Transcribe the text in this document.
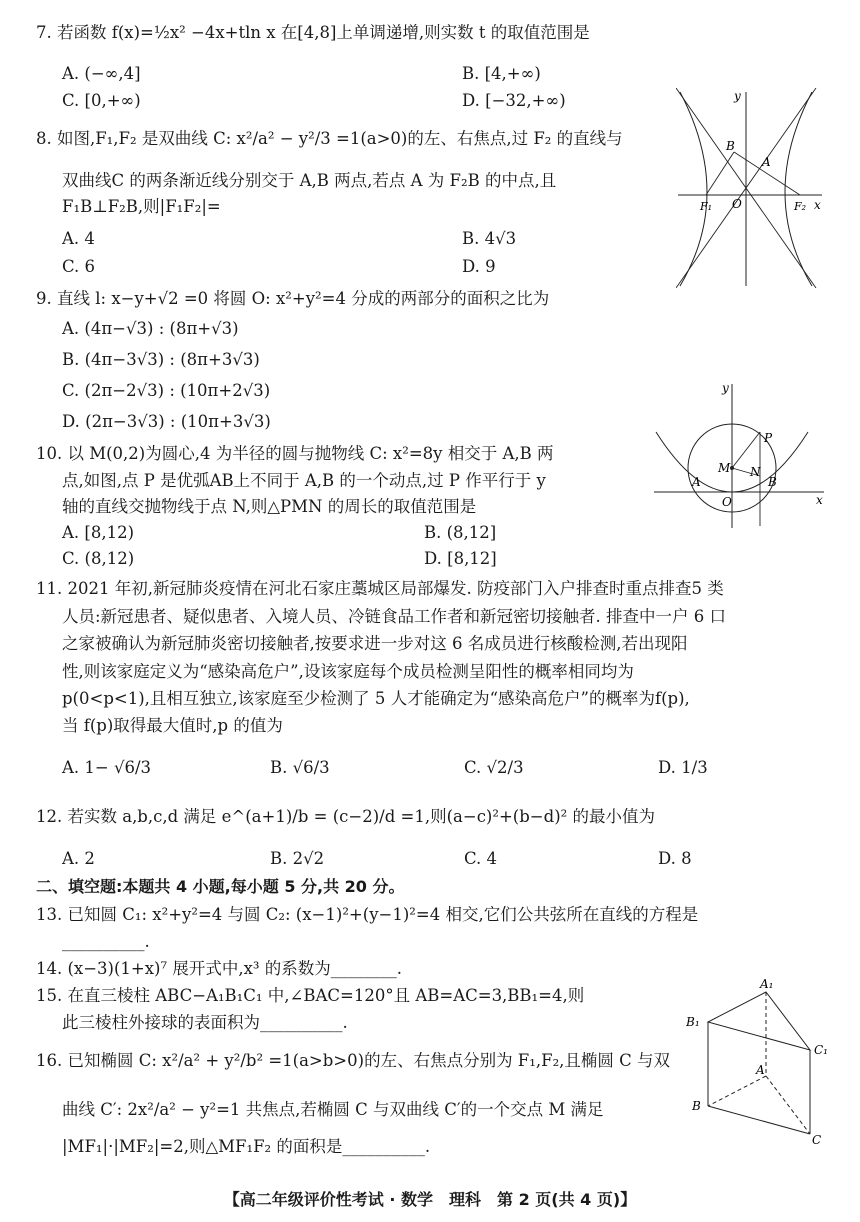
7. 若函数 f(x)=½x² −4x+tln x 在[4,8]上单调递增,则实数 t 的取值范围是
A. (−∞,4]	B. [4,+∞)
C. [0,+∞)	D. [−32,+∞)
8. 如图,F₁,F₂ 是双曲线 C: x²/a² − y²/3 =1(a>0)的左、右焦点,过 F₂ 的直线与
双曲线C 的两条渐近线分别交于 A,B 两点,若点 A 为 F₂B 的中点,且
F₁B⊥F₂B,则|F₁F₂|=
A. 4	B. 4√3
C. 6	D. 9
y
x
B
A
O
F₁	F₂
9. 直线 l: x−y+√2 =0 将圆 O: x²+y²=4 分成的两部分的面积之比为
A. (4π−√3) : (8π+√3)
B. (4π−3√3) : (8π+3√3)
C. (2π−2√3) : (10π+2√3)
D. (2π−3√3) : (10π+3√3)
10. 以 M(0,2)为圆心,4 为半径的圆与抛物线 C: x²=8y 相交于 A,B 两
点,如图,点 P 是优弧AB上不同于 A,B 的一个动点,过 P 作平行于 y
轴的直线交抛物线于点 N,则△PMN 的周长的取值范围是
A. [8,12)	B. (8,12]
C. (8,12)	D. [8,12]
y
x
M N
P
A	B
O
11. 2021 年初,新冠肺炎疫情在河北石家庄藁城区局部爆发. 防疫部门入户排查时重点排查5 类
人员:新冠患者、疑似患者、入境人员、冷链食品工作者和新冠密切接触者. 排查中一户 6 口
之家被确认为新冠肺炎密切接触者,按要求进一步对这 6 名成员进行核酸检测,若出现阳
性,则该家庭定义为“感染高危户”,设该家庭每个成员检测呈阳性的概率相同均为
p(0<p<1),且相互独立,该家庭至少检测了 5 人才能确定为“感染高危户”的概率为f(p),
当 f(p)取得最大值时,p 的值为
A. 1− √6/3	B. √6/3	C. √2/3	D. 1/3
12. 若实数 a,b,c,d 满足 e^(a+1)/b = (c−2)/d =1,则(a−c)²+(b−d)² 的最小值为
A. 2	B. 2√2	C. 4	D. 8
二、填空题:本题共 4 小题,每小题 5 分,共 20 分。
13. 已知圆 C₁: x²+y²=4 与圆 C₂: (x−1)²+(y−1)²=4 相交,它们公共弦所在直线的方程是
__________.
14. (x−3)(1+x)⁷ 展开式中,x³ 的系数为________.
15. 在直三棱柱 ABC−A₁B₁C₁ 中,∠BAC=120°且 AB=AC=3,BB₁=4,则
此三棱柱外接球的表面积为__________.
A₁
B₁
C₁
A
B
C
16. 已知椭圆 C: x²/a² + y²/b² =1(a>b>0)的左、右焦点分别为 F₁,F₂,且椭圆 C 与双
曲线 C′: 2x²/a² − y²=1 共焦点,若椭圆 C 与双曲线 C′的一个交点 M 满足
|MF₁|·|MF₂|=2,则△MF₁F₂ 的面积是__________.
【高二年级评价性考试 · 数学　理科　第 2 页(共 4 页)】
